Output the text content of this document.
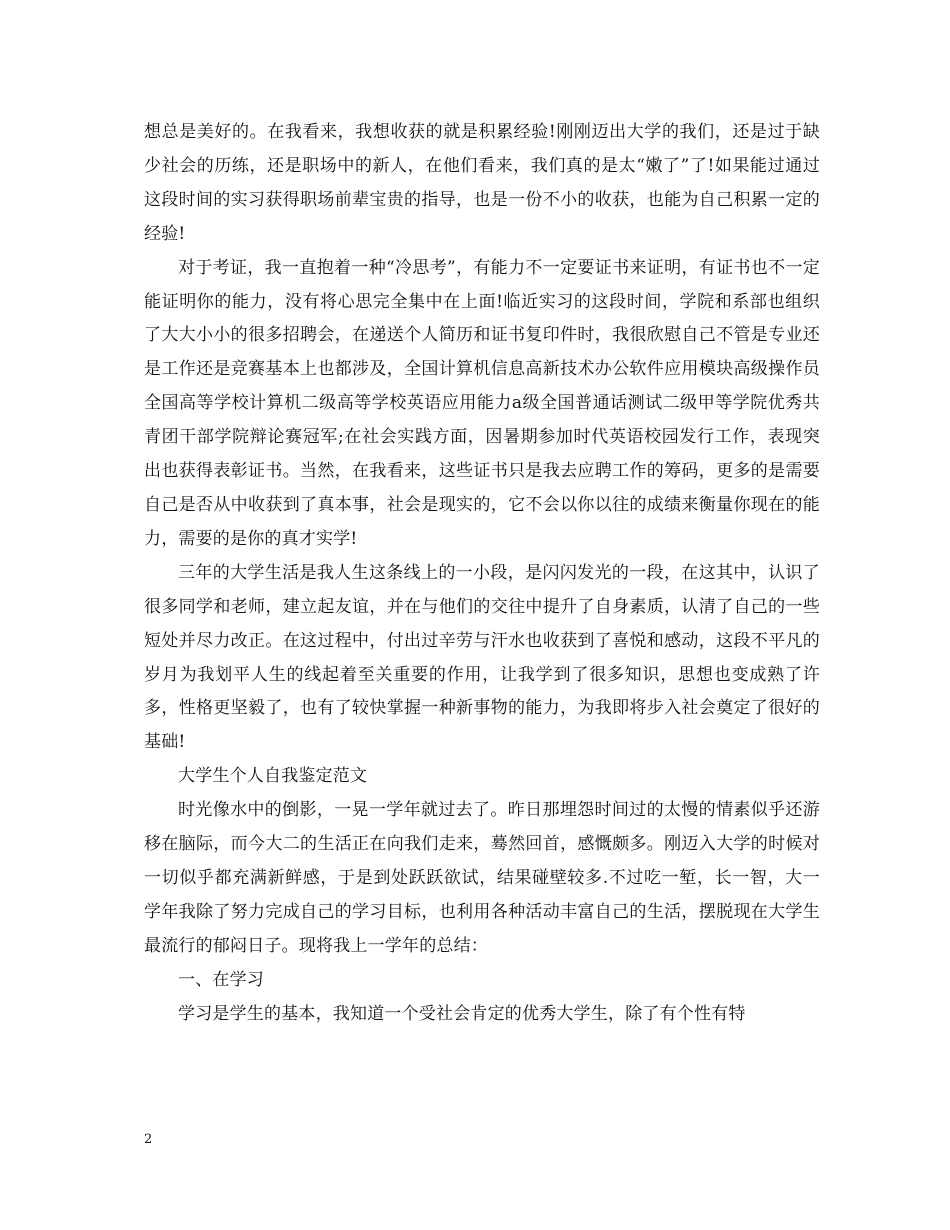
想总是美好的。在我看来，我想收获的就是积累经验!刚刚迈出大学的我们，还是过于缺少社会的历练，还是职场中的新人，在他们看来，我们真的是太“嫩了”了!如果能过通过这段时间的实习获得职场前辈宝贵的指导，也是一份不小的收获，也能为自己积累一定的经验!

对于考证，我一直抱着一种“冷思考”，有能力不一定要证书来证明，有证书也不一定能证明你的能力，没有将心思完全集中在上面!临近实习的这段时间，学院和系部也组织了大大小小的很多招聘会，在递送个人简历和证书复印件时，我很欣慰自己不管是专业还是工作还是竞赛基本上也都涉及，全国计算机信息高新技术办公软件应用模块高级操作员全国高等学校计算机二级高等学校英语应用能力a级全国普通话测试二级甲等学院优秀共青团干部学院辩论赛冠军;在社会实践方面，因暑期参加时代英语校园发行工作，表现突出也获得表彰证书。当然，在我看来，这些证书只是我去应聘工作的筹码，更多的是需要自己是否从中收获到了真本事，社会是现实的，它不会以你以往的成绩来衡量你现在的能力，需要的是你的真才实学!

三年的大学生活是我人生这条线上的一小段，是闪闪发光的一段，在这其中，认识了很多同学和老师，建立起友谊，并在与他们的交往中提升了自身素质，认清了自己的一些短处并尽力改正。在这过程中，付出过辛劳与汗水也收获到了喜悦和感动，这段不平凡的岁月为我划平人生的线起着至关重要的作用，让我学到了很多知识，思想也变成熟了许多，性格更坚毅了，也有了较快掌握一种新事物的能力，为我即将步入社会奠定了很好的基础!

大学生个人自我鉴定范文

时光像水中的倒影，一晃一学年就过去了。昨日那埋怨时间过的太慢的情素似乎还游移在脑际，而今大二的生活正在向我们走来，蓦然回首，感慨颇多。刚迈入大学的时候对一切似乎都充满新鲜感，于是到处跃跃欲试，结果碰壁较多.不过吃一堑，长一智，大一学年我除了努力完成自己的学习目标，也利用各种活动丰富自己的生活，摆脱现在大学生最流行的郁闷日子。现将我上一学年的总结：

一、在学习

学习是学生的基本，我知道一个受社会肯定的优秀大学生，除了有个性有特

2
